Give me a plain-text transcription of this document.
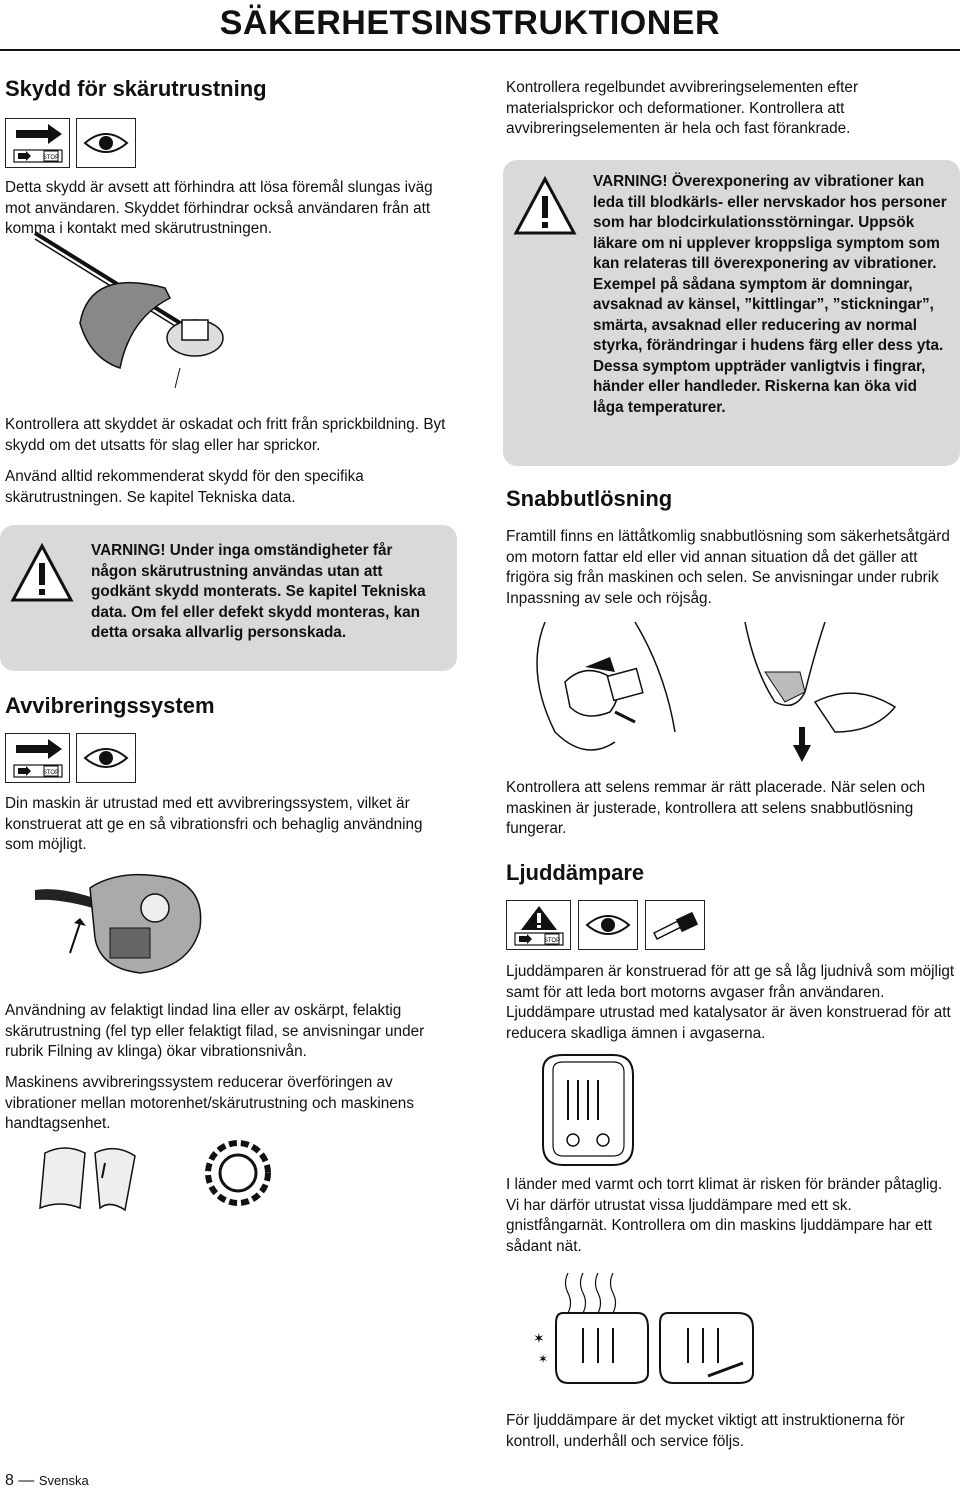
SÄKERHETSINSTRUKTIONER
Skydd för skärutrustning
STOP
Detta skydd är avsett att förhindra att lösa föremål slungas iväg mot användaren. Skyddet förhindrar också användaren från att komma i kontakt med skärutrustningen.
Kontrollera att skyddet är oskadat och fritt från sprickbildning. Byt skydd om det utsatts för slag eller har sprickor.
Använd alltid rekommenderat skydd för den specifika skärutrustningen. Se kapitel Tekniska data.
VARNING! Under inga omständigheter får någon skärutrustning användas utan att godkänt skydd monterats. Se kapitel Tekniska data. Om fel eller defekt skydd monteras, kan detta orsaka allvarlig personskada.
Avvibreringssystem
STOP
Din maskin är utrustad med ett avvibreringssystem, vilket är konstruerat att ge en så vibrationsfri och behaglig användning som möjligt.
Användning av felaktigt lindad lina eller av oskärpt, felaktig skärutrustning (fel typ eller felaktigt filad, se anvisningar under rubrik Filning av klinga) ökar vibrationsnivån.
Maskinens avvibreringssystem reducerar överföringen av vibrationer mellan motorenhet/skärutrustning och maskinens handtagsenhet.
8 — Svenska
Kontrollera regelbundet avvibreringselementen efter materialsprickor och deformationer. Kontrollera att avvibreringselementen är hela och fast förankrade.
VARNING! Överexponering av vibrationer kan leda till blodkärls- eller nervskador hos personer som har blodcirkulationsstörningar. Uppsök läkare om ni upplever kroppsliga symptom som kan relateras till överexponering av vibrationer. Exempel på sådana symptom är domningar, avsaknad av känsel, ”kittlingar”, ”stickningar”, smärta, avsaknad eller reducering av normal styrka, förändringar i hudens färg eller dess yta. Dessa symptom uppträder vanligtvis i fingrar, händer eller handleder. Riskerna kan öka vid låga temperaturer.
Snabbutlösning
Framtill finns en lättåtkomlig snabbutlösning som säkerhetsåtgärd om motorn fattar eld eller vid annan situation då det gäller att frigöra sig från maskinen och selen. Se anvisningar under rubrik Inpassning av sele och röjsåg.
Kontrollera att selens remmar är rätt placerade. När selen och maskinen är justerade, kontrollera att selens snabbutlösning fungerar.
Ljuddämpare
STOP
Ljuddämparen är konstruerad för att ge så låg ljudnivå som möjligt samt för att leda bort motorns avgaser från användaren. Ljuddämpare utrustad med katalysator är även konstruerad för att reducera skadliga ämnen i avgaserna.
I länder med varmt och torrt klimat är risken för bränder påtaglig. Vi har därför utrustat vissa ljuddämpare med ett sk. gnistfångarnät. Kontrollera om din maskins ljuddämpare har ett sådant nät.
✶
✶
För ljuddämpare är det mycket viktigt att instruktionerna för kontroll, underhåll och service följs.
